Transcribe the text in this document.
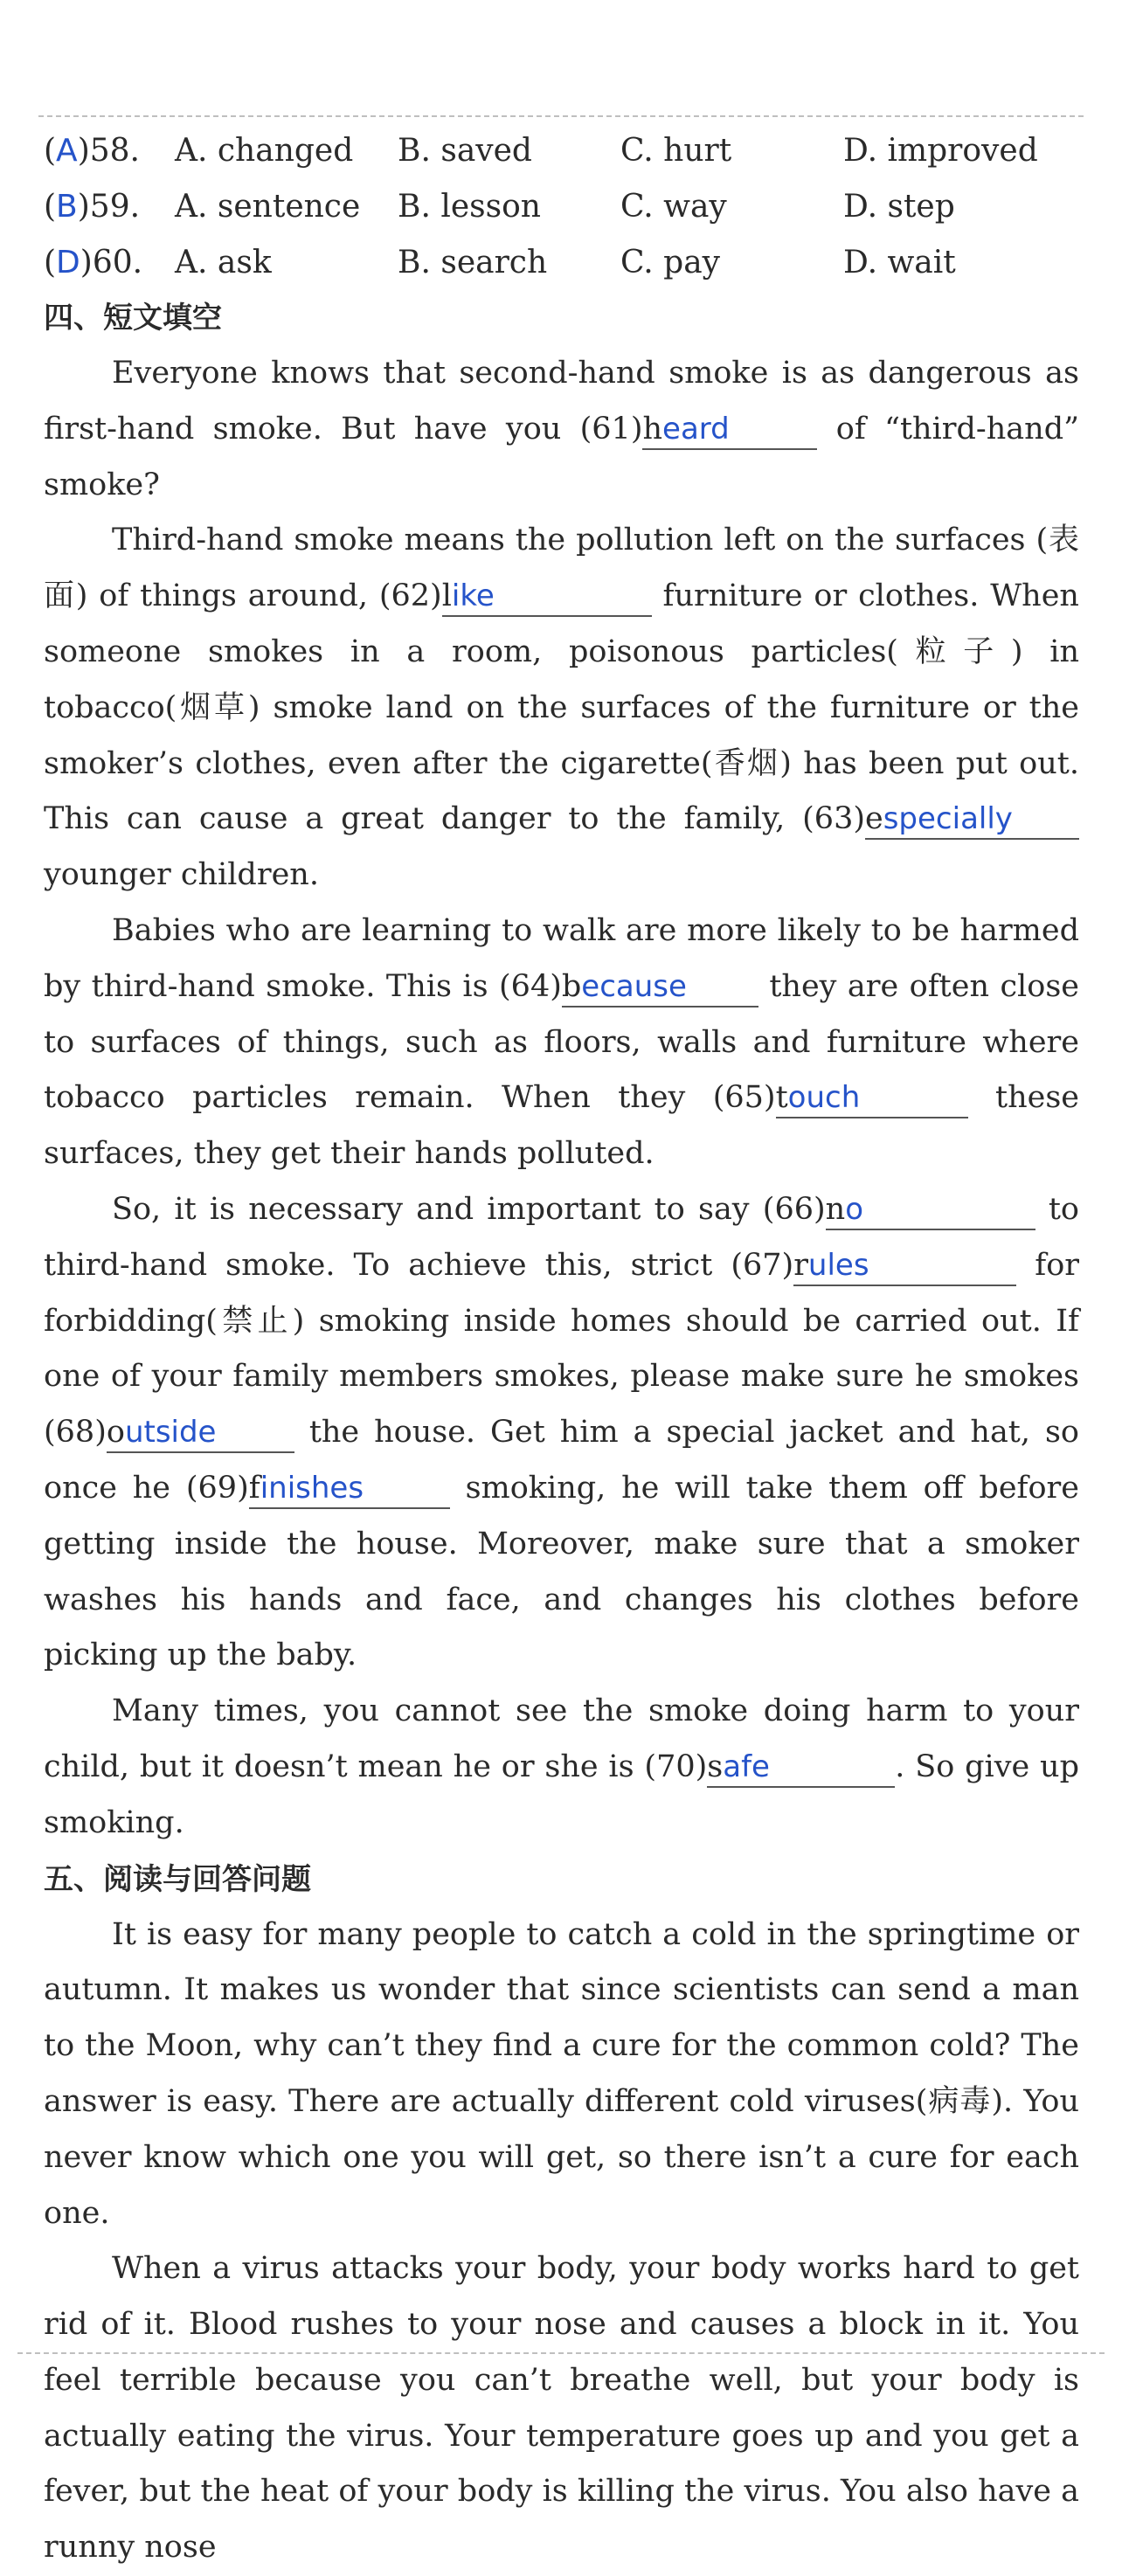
(A)58.	A. changed	B. saved	C. hurt	D. improved
(B)59.	A. sentence	B. lesson	C. way	D. step
(D)60.	A. ask	B. search	C. pay	D. wait
四、短文填空

Everyone knows that second-hand smoke is as dangerous as first-hand smoke. But have you (61)heard	of “third-hand” smoke?

Third-hand smoke means the pollution left on the surfaces (表面) of things around, (62)like	furniture or clothes. When someone smokes in a room, poisonous particles(粒子) in tobacco(烟草) smoke land on the surfaces of the furniture or the smoker’s clothes, even after the cigarette(香烟) has been put out. This can cause a great danger to the family, (63)especially younger children.

Babies who are learning to walk are more likely to be harmed by third-hand smoke. This is (64)because they are often close to surfaces of things, such as floors, walls and furniture where tobacco particles remain. When they (65)touch	these surfaces, they get their hands polluted.

So, it is necessary and important to say (66)no	to third-hand smoke. To achieve this, strict (67)rules	for forbidding(禁止) smoking inside homes should be carried out. If one of your family members smokes, please make sure he smokes (68)outside	the house. Get him a special jacket and hat, so once he (69)finishes	smoking, he will take them off before getting inside the house. Moreover, make sure that a smoker washes his hands and face, and changes his clothes before picking up the baby.

Many times, you cannot see the smoke doing harm to your child, but it doesn’t mean he or she is (70)safe	. So give up smoking.

五、阅读与回答问题

It is easy for many people to catch a cold in the springtime or autumn. It makes us wonder that since scientists can send a man to the Moon, why can’t they find a cure for the common cold? The answer is easy. There are actually different cold viruses(病毒). You never know which one you will get, so there isn’t a cure for each one.

When a virus attacks your body, your body works hard to get rid of it. Blood rushes to your nose and causes a block in it. You feel terrible because you can’t breathe well, but your body is actually eating the virus. Your temperature goes up and you get a fever, but the heat of your body is killing the virus. You also have a runny nose
